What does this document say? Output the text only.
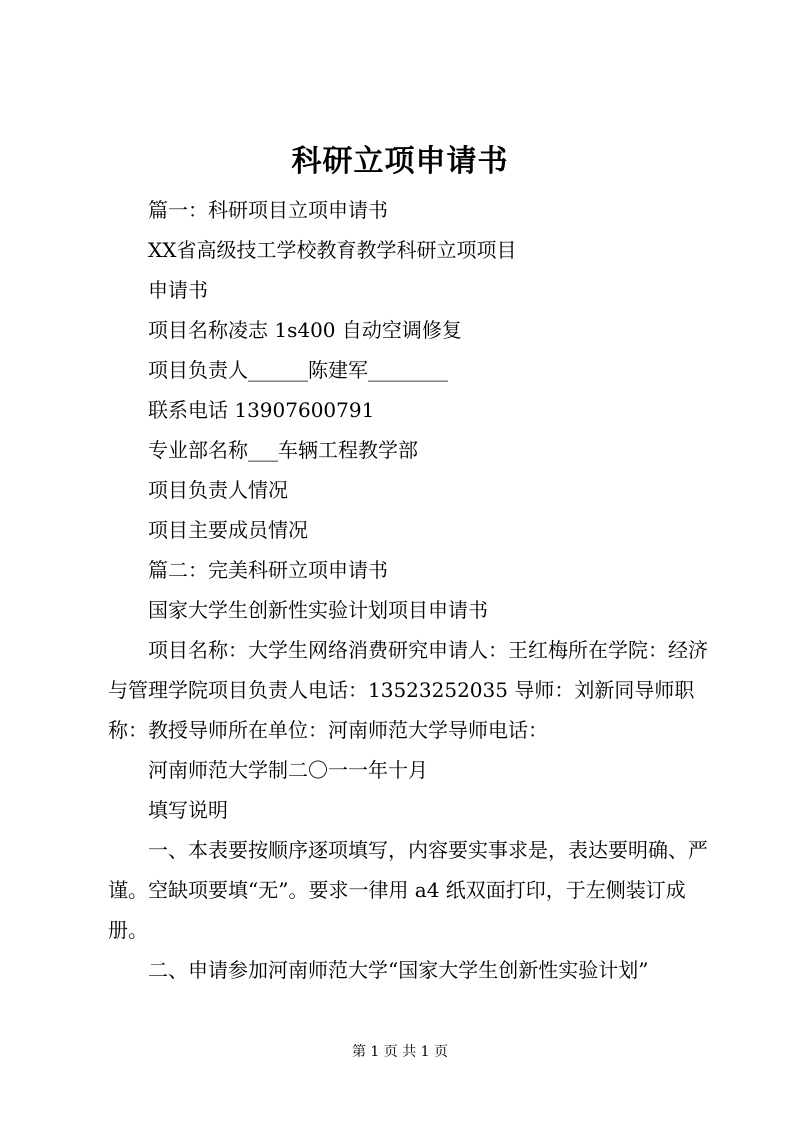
科研立项申请书

篇一：科研项目立项申请书

XX省高级技工学校教育教学科研立项项目

申请书

项目名称凌志 1s400 自动空调修复

项目负责人______陈建军________

联系电话 13907600791

专业部名称___车辆工程教学部

项目负责人情况

项目主要成员情况

篇二：完美科研立项申请书

国家大学生创新性实验计划项目申请书

项目名称：大学生网络消费研究申请人：王红梅所在学院：经济与管理学院项目负责人电话：13523252035 导师：刘新同导师职称：教授导师所在单位：河南师范大学导师电话：

河南师范大学制二〇一一年十月

填写说明

一、本表要按顺序逐项填写，内容要实事求是，表达要明确、严谨。空缺项要填“无”。要求一律用 a4 纸双面打印，于左侧装订成册。

二、申请参加河南师范大学“国家大学生创新性实验计划”

第 1 页 共 1 页
